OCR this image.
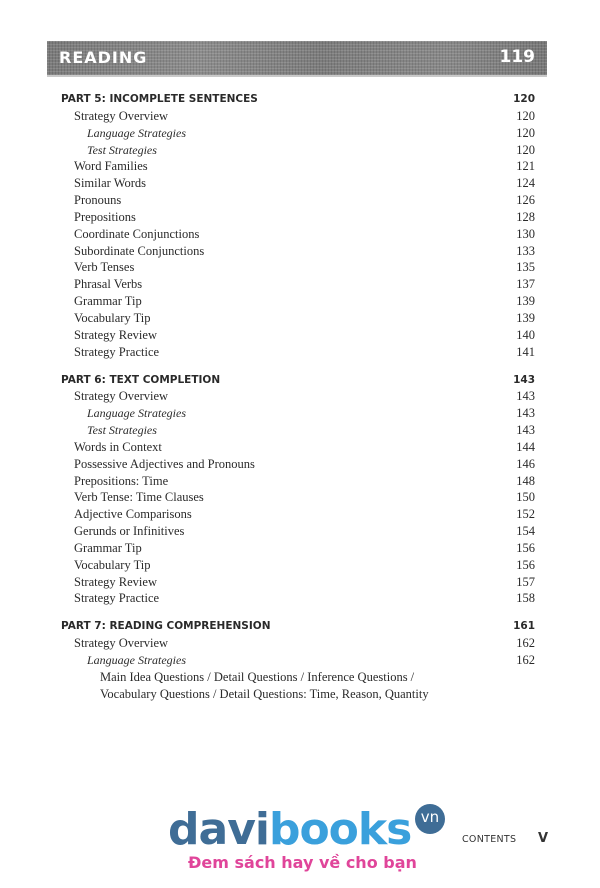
READING	119
PART 5: INCOMPLETE SENTENCES	120
Strategy Overview	120
Language Strategies	120
Test Strategies	120
Word Families	121
Similar Words	124
Pronouns	126
Prepositions	128
Coordinate Conjunctions	130
Subordinate Conjunctions	133
Verb Tenses	135
Phrasal Verbs	137
Grammar Tip	139
Vocabulary Tip	139
Strategy Review	140
Strategy Practice	141
PART 6: TEXT COMPLETION	143
Strategy Overview	143
Language Strategies	143
Test Strategies	143
Words in Context	144
Possessive Adjectives and Pronouns	146
Prepositions: Time	148
Verb Tense: Time Clauses	150
Adjective Comparisons	152
Gerunds or Infinitives	154
Grammar Tip	156
Vocabulary Tip	156
Strategy Review	157
Strategy Practice	158
PART 7: READING COMPREHENSION	161
Strategy Overview	162
Language Strategies	162
Main Idea Questions / Detail Questions / Inference Questions /
Vocabulary Questions / Detail Questions: Time, Reason, Quantity
davibooks vn
Đem sách hay về cho bạn
CONTENTS V
